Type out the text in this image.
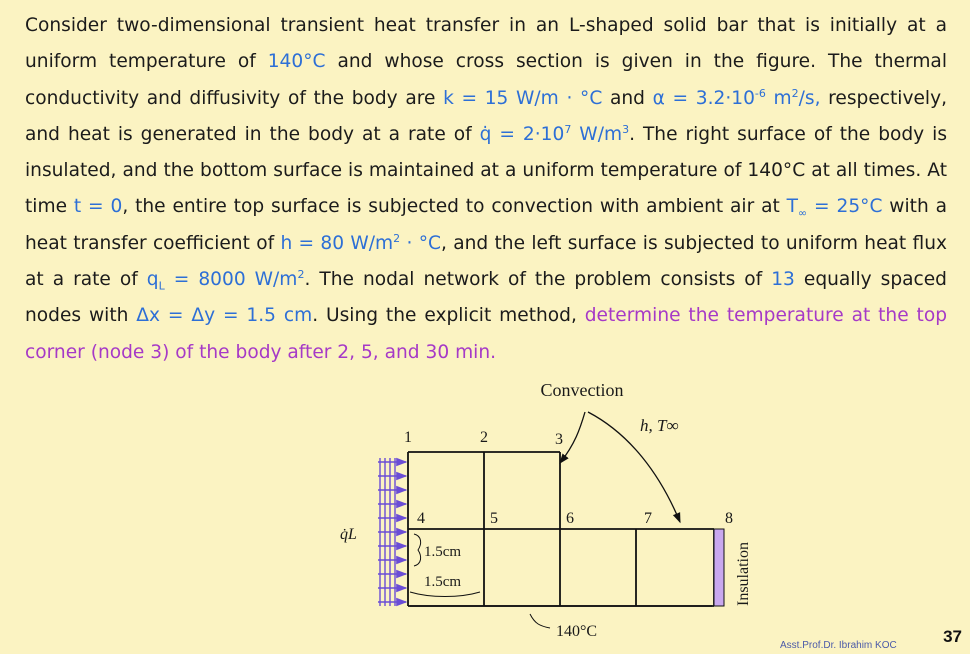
Consider two-dimensional transient heat transfer in an L-shaped solid bar that is initially at a uniform temperature of 140°C and whose cross section is given in the figure. The thermal conductivity and diffusivity of the body are k = 15 W/m · °C and $\alpha = 3.2\cdot 10^{-6}$ $m^2/s$, respectively, and heat is generated in the body at a rate of q̇ = $2\cdot 10^7$ $W/m^3$. The right surface of the body is insulated, and the bottom surface is maintained at a uniform temperature of 140°C at all times. At time t = 0, the entire top surface is subjected to convection with ambient air at $T_\infty = 25^\circ C$ with a heat transfer coefficient of h = 80 $W/m^2 \cdot ^\circ C$, and the left surface is subjected to uniform heat flux at a rate of $q_L = 8000$ $W/m^2$. The nodal network of the problem consists of 13 equally spaced nodes with Δx = Δy = 1.5 cm. Using the explicit method, determine the temperature at the top corner (node 3) of the body after 2, 5, and 30 min.
Convection
h, T∞
1	2	3
4	5	6	7	8
Insulation
q̇L
1.5cm
1.5cm
140°C
Asst.Prof.Dr. Ibrahim KOC	37
